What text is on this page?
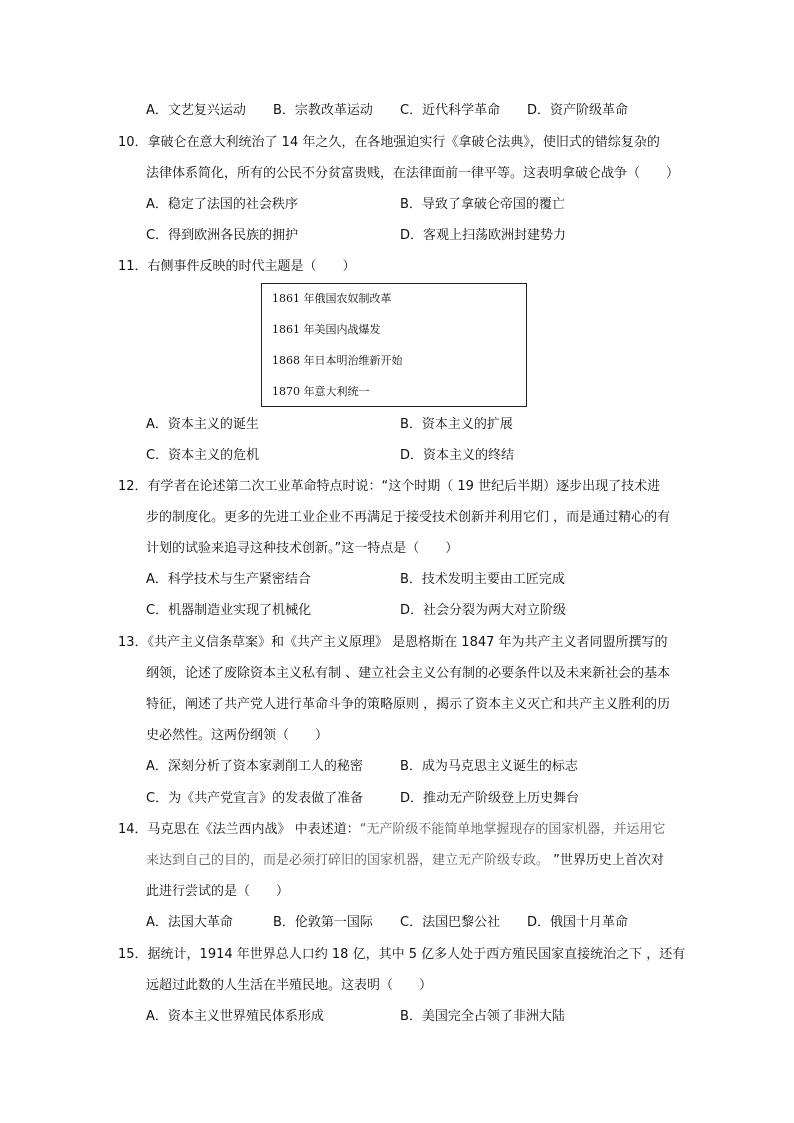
A．文艺复兴运动 B．宗教改革运动 C．近代科学革命 D．资产阶级革命
10．拿破仑在意大利统治了 14 年之久，在各地强迫实行《拿破仑法典》，使旧式的错综复杂的
法律体系简化，所有的公民不分贫富贵贱，在法律面前一律平等。这表明拿破仑战争（　　）
A．稳定了法国的社会秩序	B．导致了拿破仑帝国的覆亡
C．得到欧洲各民族的拥护	D．客观上扫荡欧洲封建势力
11．右侧事件反映的时代主题是（　　）
1861 年俄国农奴制改革
1861 年美国内战爆发
1868 年日本明治维新开始
1870 年意大利统一
A．资本主义的诞生	B．资本主义的扩展
C．资本主义的危机	D．资本主义的终结
12．有学者在论述第二次工业革命特点时说：“这个时期（ 19 世纪后半期）逐步出现了技术进
步的制度化。更多的先进工业企业不再满足于接受技术创新并利用它们 ，而是通过精心的有
计划的试验来追寻这种技术创新。”这一特点是（　　）
A．科学技术与生产紧密结合	B．技术发明主要由工匠完成
C．机器制造业实现了机械化	D．社会分裂为两大对立阶级
13．《共产主义信条草案》和《共产主义原理》 是恩格斯在 1847 年为共产主义者同盟所撰写的
纲领，论述了废除资本主义私有制 、建立社会主义公有制的必要条件以及未来新社会的基本
特征，阐述了共产党人进行革命斗争的策略原则 ，揭示了资本主义灭亡和共产主义胜利的历
史必然性。这两份纲领（　　）
A．深刻分析了资本家剥削工人的秘密	B．成为马克思主义诞生的标志
C．为《共产党宣言》的发表做了准备	D．推动无产阶级登上历史舞台
14．马克思在《法兰西内战》 中表述道：“无产阶级不能简单地掌握现存的国家机器，并运用它
来达到自己的目的，而是必须打碎旧的国家机器，建立无产阶级专政。 ”世界历史上首次对
此进行尝试的是（　　）
A．法国大革命	B．伦敦第一国际 C．法国巴黎公社 D．俄国十月革命
15．据统计，1914 年世界总人口约 18 亿，其中 5 亿多人处于西方殖民国家直接统治之下 ，还有
远超过此数的人生活在半殖民地。这表明（　　）
A．资本主义世界殖民体系形成	B．美国完全占领了非洲大陆
